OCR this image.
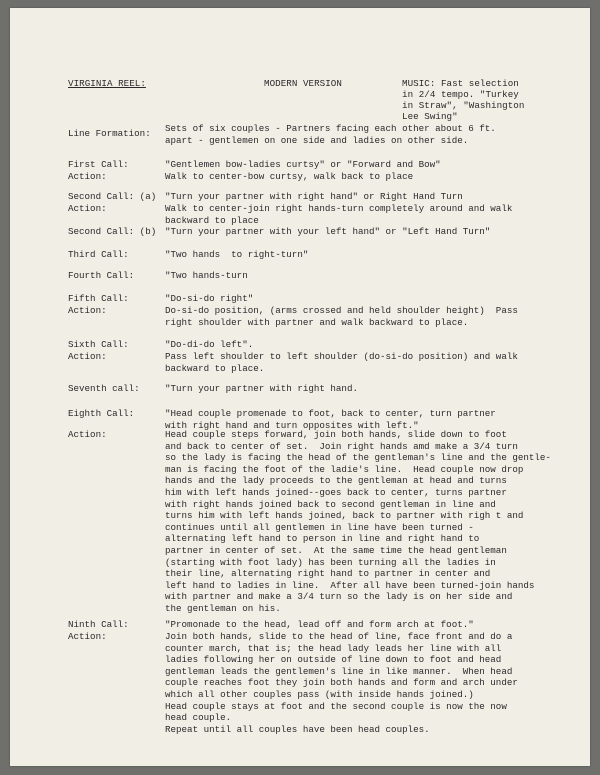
VIRGINIA REEL:	MODERN VERSION	MUSIC: Fast selection
in 2/4 tempo. "Turkey
in Straw", "Washington
Lee Swing"
Line Formation: Sets of six couples - Partners facing each other about 6 ft.
apart - gentlemen on one side and ladies on other side.
First Call:	"Gentlemen bow-ladies curtsy" or "Forward and Bow"
Action:	Walk to center-bow curtsy, walk back to place
Second Call: (a) "Turn your partner with right hand" or Right Hand Turn
Action:	Walk to center-join right hands-turn completely around and walk
backward to place
Second Call: (b) "Turn your partner with your left hand" or "Left Hand Turn"
Third Call:	"Two hands  to right-turn"
Fourth Call:	"Two hands-turn
Fifth Call:	"Do-si-do right"
Action:	Do-si-do position, (arms crossed and held shoulder height)  Pass
right shoulder with partner and walk backward to place.
Sixth Call:	"Do-di-do left".
Action:	Pass left shoulder to left shoulder (do-si-do position) and walk
backward to place.
Seventh call:	"Turn your partner with right hand.
Eighth Call:	"Head couple promenade to foot, back to center, turn partner
with right hand and turn opposites with left."
Action:	Head couple steps forward, join both hands, slide down to foot
and back to center of set.  Join right hands amd make a 3/4 turn
so the lady is facing the head of the gentleman's line and the gentle-
man is facing the foot of the ladie's line.  Head couple now drop
hands and the lady proceeds to the gentleman at head and turns
him with left hands joined--goes back to center, turns partner
with right hands joined back to second gentleman in line and
turns him with left hands joined, back to partner with righ t and
continues until all gentlemen in line have been turned -
alternating left hand to person in line and right hand to
partner in center of set.  At the same time the head gentleman
(starting with foot lady) has been turning all the ladies in
their line, alternating right hand to partner in center and
left hand to ladies in line.  After all have been turned-join hands
with partner and make a 3/4 turn so the lady is on her side and
the gentleman on his.
Ninth Call:	"Promonade to the head, lead off and form arch at foot."
Action:	Join both hands, slide to the head of line, face front and do a
counter march, that is; the head lady leads her line with all
ladies following her on outside of line down to foot and head
gentleman leads the gentlemen's line in like manner.  When head
couple reaches foot they join both hands and form and arch under
which all other couples pass (with inside hands joined.)
Head couple stays at foot and the second couple is now the now
head couple.
Repeat until all couples have been head couples.
